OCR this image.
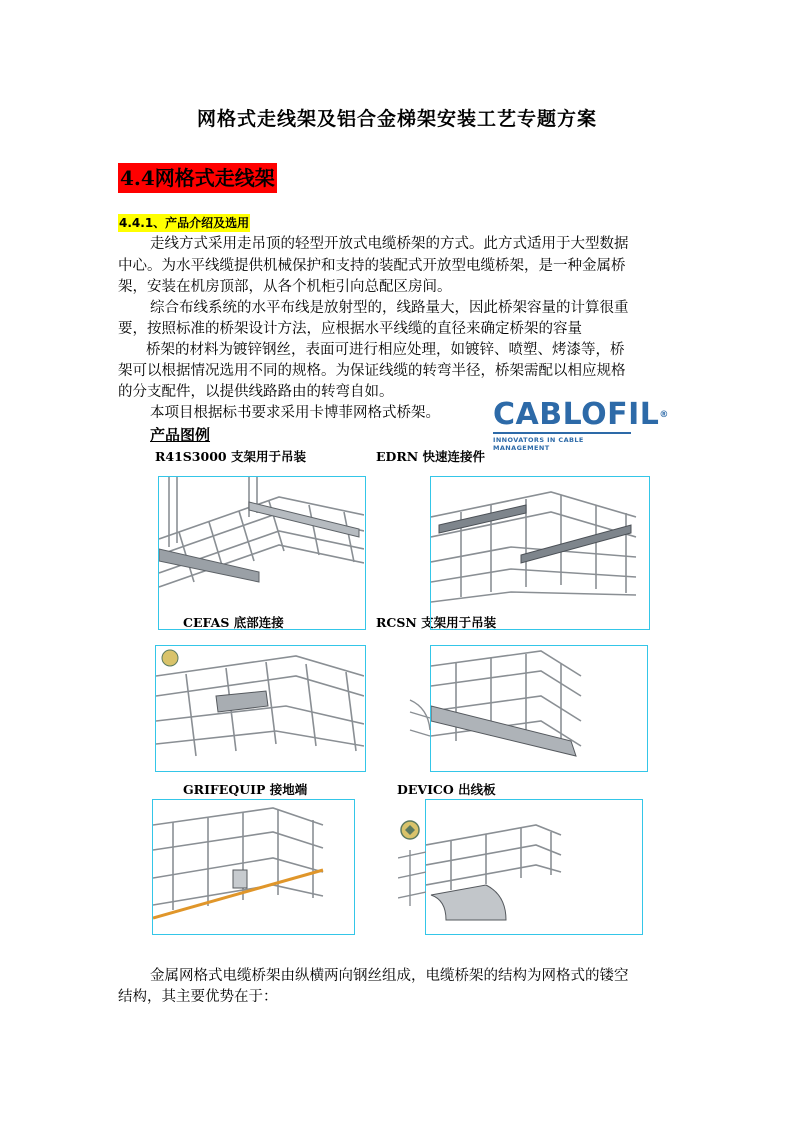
网格式走线架及铝合金梯架安装工艺专题方案
4.4网格式走线架
4.4.1、产品介绍及选用
走线方式采用走吊顶的轻型开放式电缆桥架的方式。此方式适用于大型数据
中心。为水平线缆提供机械保护和支持的装配式开放型电缆桥架，是一种金属桥
架，安装在机房顶部，从各个机柜引向总配区房间。
综合布线系统的水平布线是放射型的，线路量大，因此桥架容量的计算很重
要，按照标准的桥架设计方法，应根据水平线缆的直径来确定桥架的容量
桥架的材料为镀锌钢丝，表面可进行相应处理，如镀锌、喷塑、烤漆等，桥
架可以根据情况选用不同的规格。为保证线缆的转弯半径，桥架需配以相应规格
的分支配件，以提供线路路由的转弯自如。
本项目根据标书要求采用卡博菲网格式桥架。 CABLOFIL®
INNOVATORS IN CABLE MANAGEMENT
产品图例
R41S3000 支架用于吊装	EDRN 快速连接件
CEFAS 底部连接	RCSN 支架用于吊装
GRIFEQUIP 接地端	DEVICO 出线板
金属网格式电缆桥架由纵横两向钢丝组成，电缆桥架的结构为网格式的镂空
结构，其主要优势在于：
